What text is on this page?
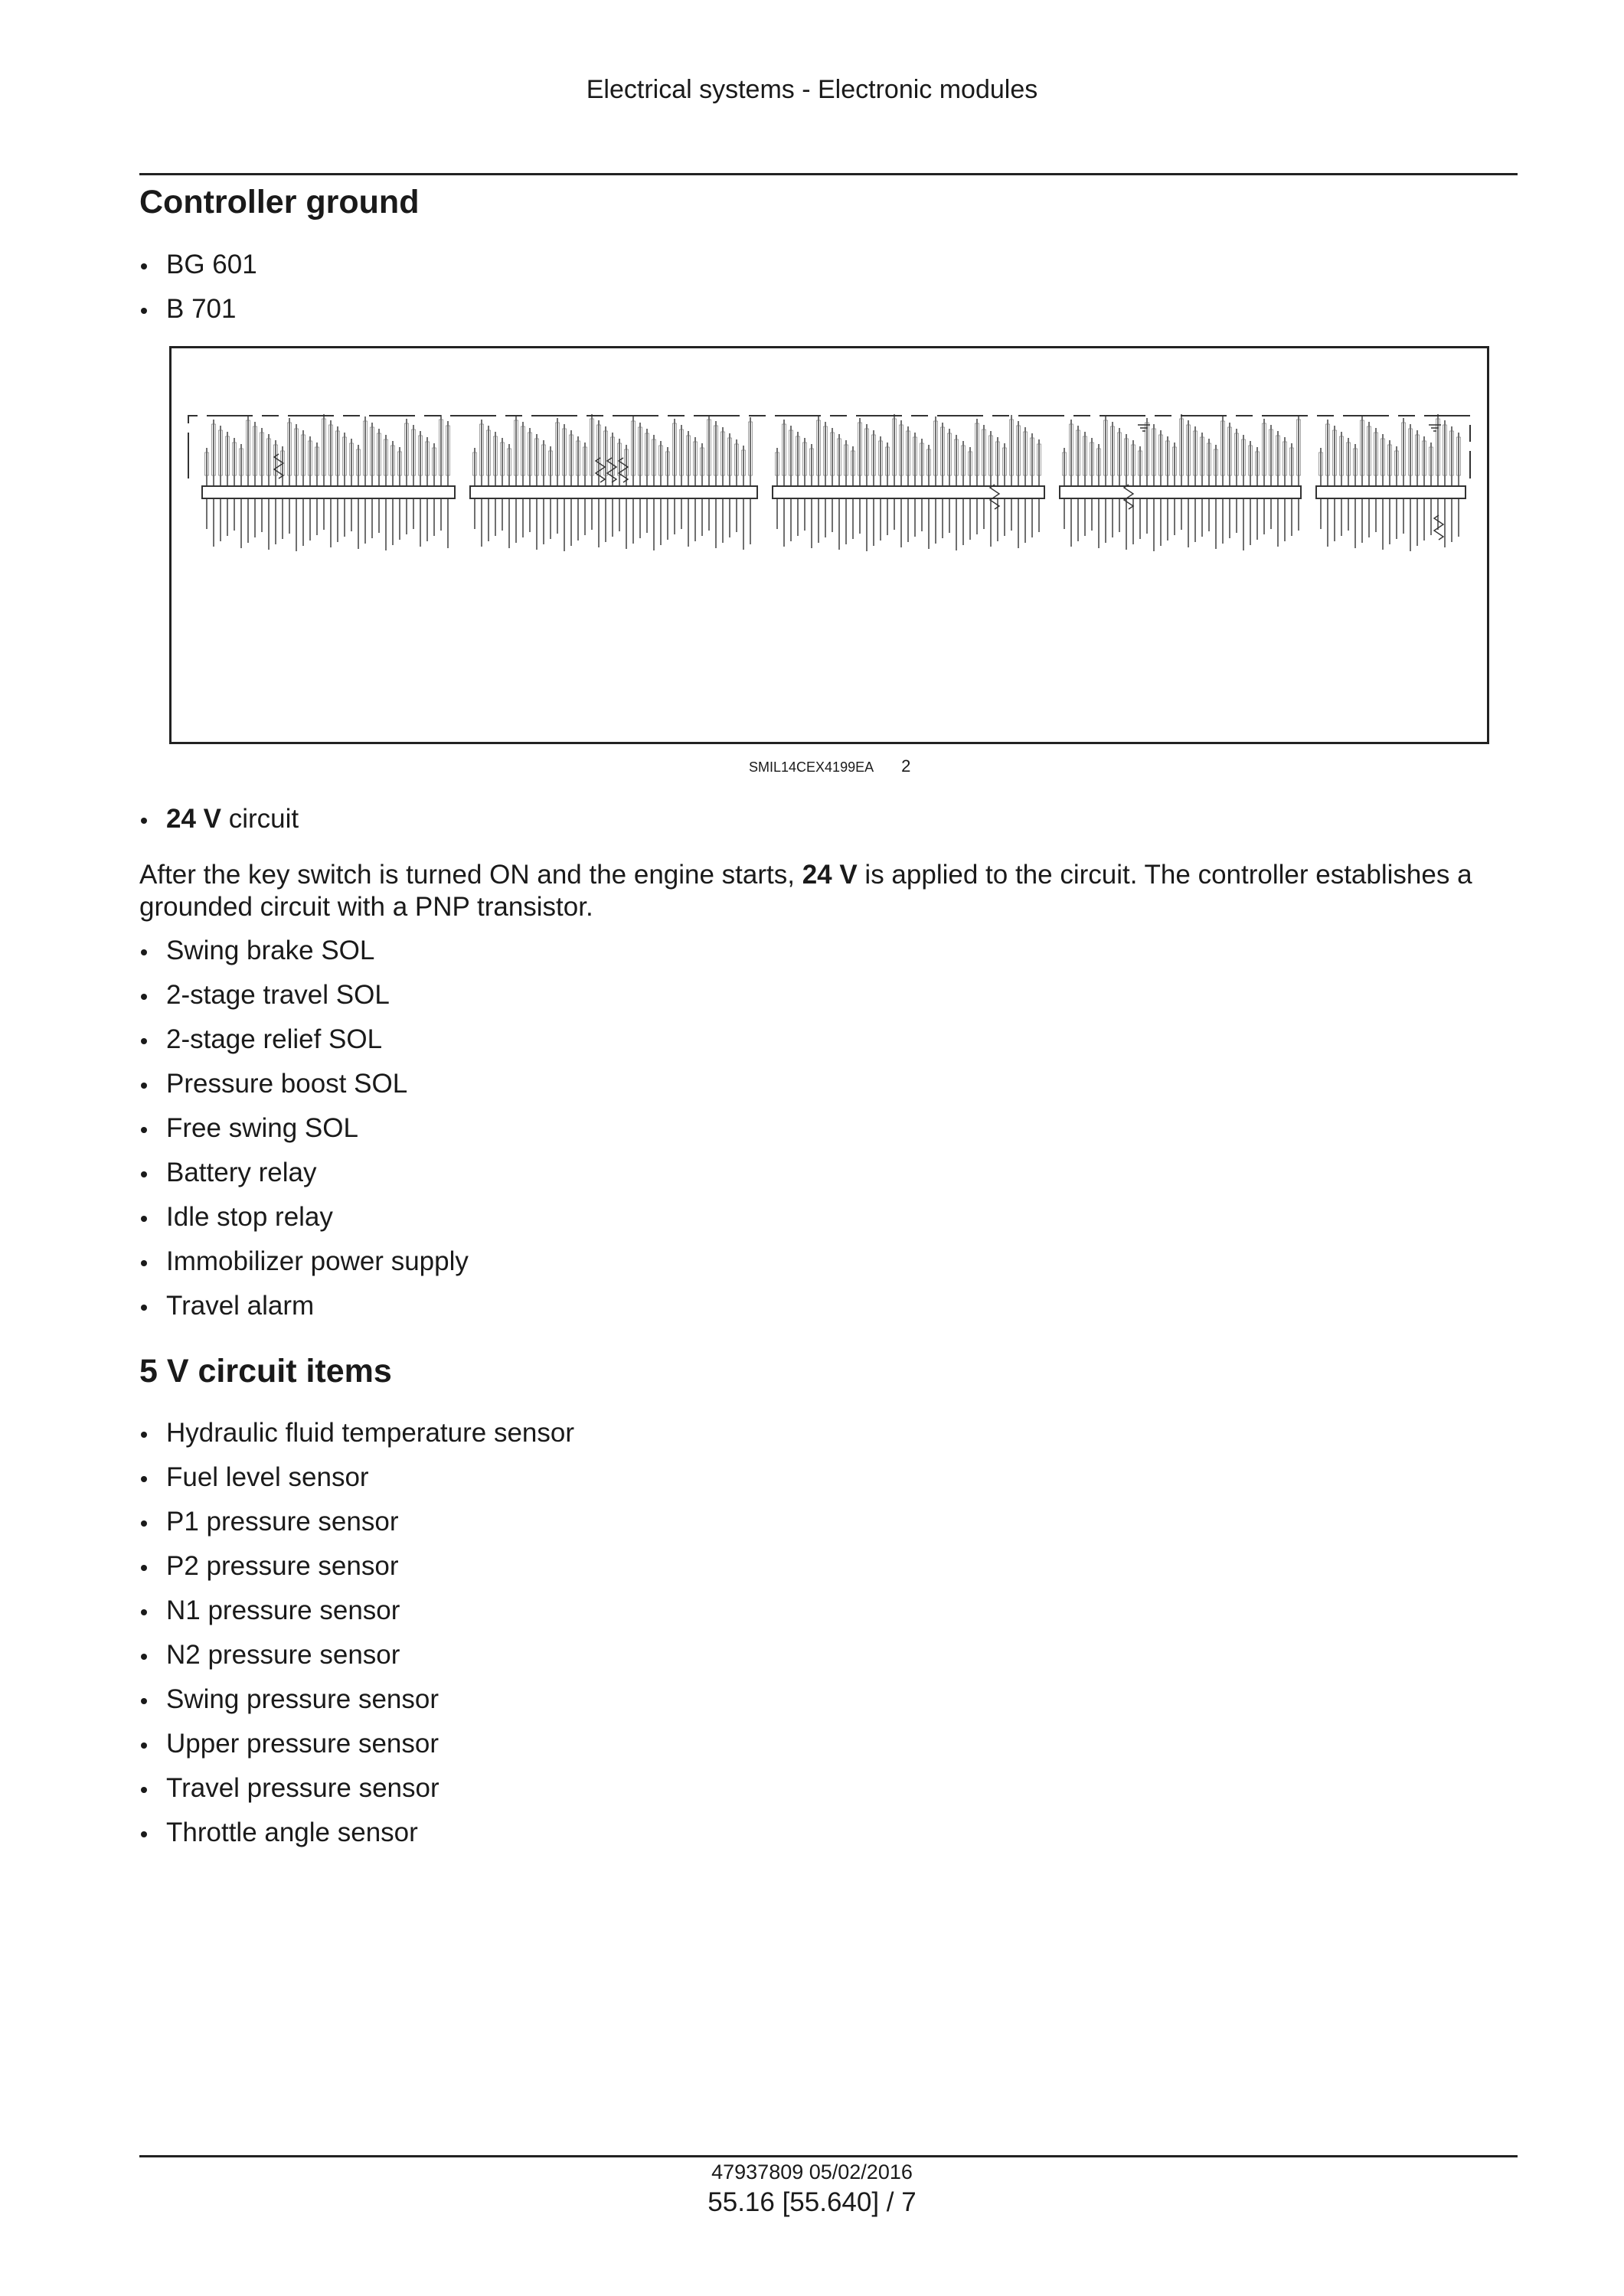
Electrical systems - Electronic modules
Controller ground
BG 601
B 701
SMIL14CEX4199EA 2
24 V circuit
After the key switch is turned ON and the engine starts, 24 V is applied to the circuit. The controller establishes a grounded circuit with a PNP transistor.
Swing brake SOL
2-stage travel SOL
2-stage relief SOL
Pressure boost SOL
Free swing SOL
Battery relay
Idle stop relay
Immobilizer power supply
Travel alarm
5 V circuit items
Hydraulic fluid temperature sensor
Fuel level sensor
P1 pressure sensor
P2 pressure sensor
N1 pressure sensor
N2 pressure sensor
Swing pressure sensor
Upper pressure sensor
Travel pressure sensor
Throttle angle sensor
47937809 05/02/2016
55.16 [55.640] / 7
